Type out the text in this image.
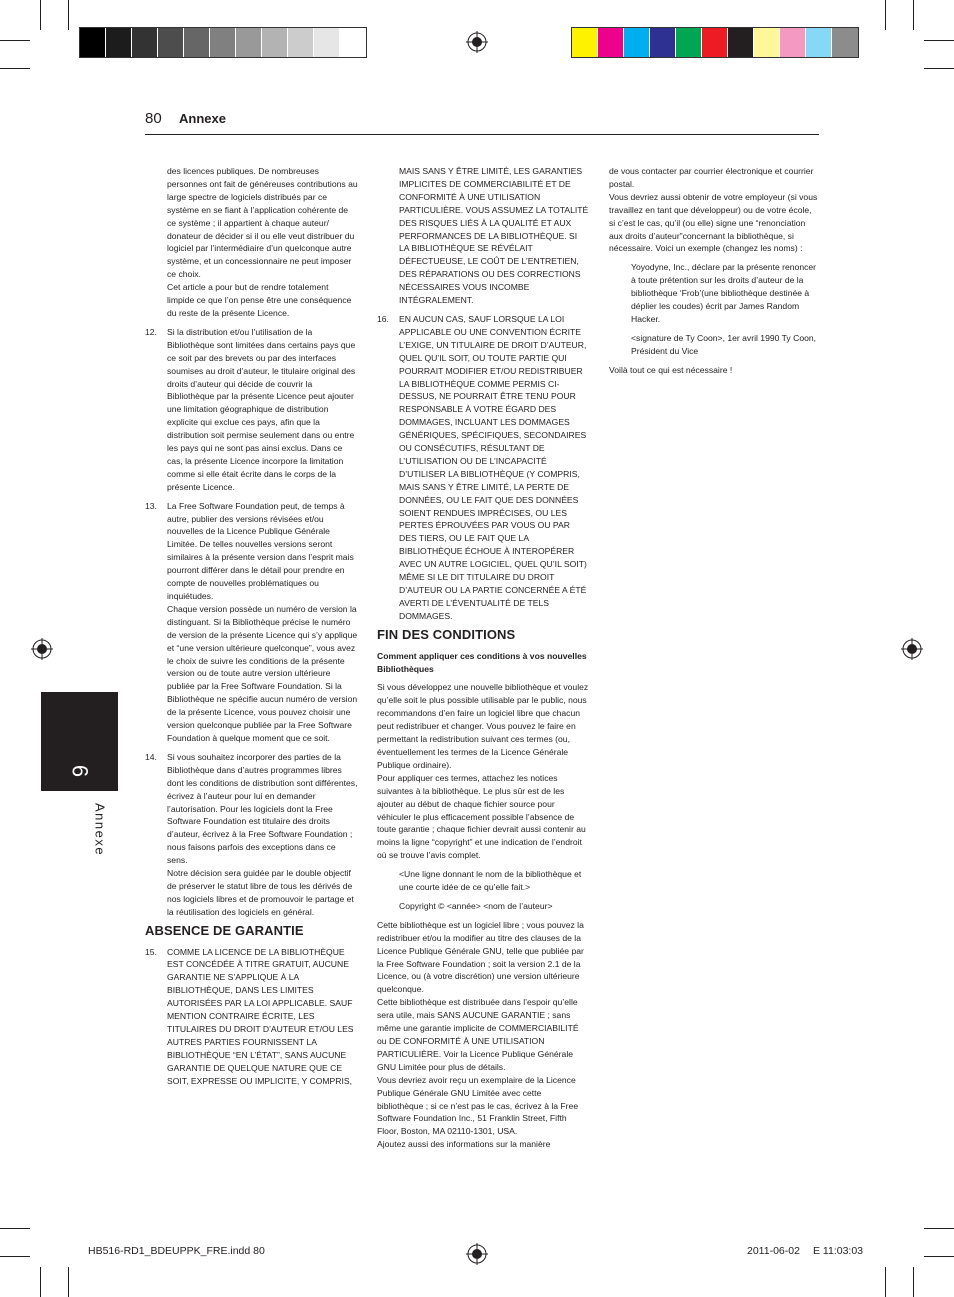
80 Annexe
6
Annexe

des licences publiques. De nombreuses personnes ont fait de généreuses contributions au large spectre de logiciels distribués par ce système en se fiant à l’application cohérente de ce système ; il appartient à chaque auteur/ donateur de décider si il ou elle veut distribuer du logiciel par l’intermédiaire d’un quelconque autre système, et un concessionnaire ne peut imposer ce choix.

Cet article a pour but de rendre totalement limpide ce que l’on pense être une conséquence du reste de la présente Licence.

12.	Si la distribution et/ou l’utilisation de la Bibliothèque sont limitées dans certains pays que ce soit par des brevets ou par des interfaces soumises au droit d’auteur, le titulaire original des droits d’auteur qui décide de couvrir la Bibliothèque par la présente Licence peut ajouter une limitation géographique de distribution explicite qui exclue ces pays, afin que la distribution soit permise seulement dans ou entre les pays qui ne sont pas ainsi exclus. Dans ce cas, la présente Licence incorpore la limitation comme si elle était écrite dans le corps de la présente Licence.
13.	La Free Software Foundation peut, de temps à autre, publier des versions révisées et/ou nouvelles de la Licence Publique Générale Limitée. De telles nouvelles versions seront similaires à la présente version dans l’esprit mais pourront différer dans le détail pour prendre en compte de nouvelles problématiques ou inquiétudes.
Chaque version possède un numéro de version la distinguant. Si la Bibliothèque précise le numéro de version de la présente Licence qui s’y applique et “une version ultérieure quelconque”, vous avez le choix de suivre les conditions de la présente version ou de toute autre version ultérieure publiée par la Free Software Foundation. Si la Bibliothèque ne spécifie aucun numéro de version de la présente Licence, vous pouvez choisir une version quelconque publiée par la Free Software Foundation à quelque moment que ce soit.
14.	Si vous souhaitez incorporer des parties de la Bibliothèque dans d’autres programmes libres dont les conditions de distribution sont différentes, écrivez à l’auteur pour lui en demander l’autorisation. Pour les logiciels dont la Free Software Foundation est titulaire des droits d’auteur, écrivez à la Free Software Foundation ; nous faisons parfois des exceptions dans ce sens.
Notre décision sera guidée par le double objectif de préserver le statut libre de tous les dérivés de nos logiciels libres et de promouvoir le partage et la réutilisation des logiciels en général.
ABSENCE DE GARANTIE
15.	COMME LA LICENCE DE LA BIBLIOTHÈQUE EST CONCÉDÉE À TITRE GRATUIT, AUCUNE GARANTIE NE S’APPLIQUE À LA BIBLIOTHÈQUE, DANS LES LIMITES AUTORISÉES PAR LA LOI APPLICABLE. SAUF MENTION CONTRAIRE ÉCRITE, LES TITULAIRES DU DROIT D’AUTEUR ET/OU LES AUTRES PARTIES FOURNISSENT LA BIBLIOTHÈQUE “EN L’ÉTAT”, SANS AUCUNE GARANTIE DE QUELQUE NATURE QUE CE SOIT, EXPRESSE OU IMPLICITE, Y COMPRIS,

MAIS SANS Y ÊTRE LIMITÉ, LES GARANTIES IMPLICITES DE COMMERCIABILITÉ ET DE CONFORMITÉ À UNE UTILISATION PARTICULIÈRE. VOUS ASSUMEZ LA TOTALITÉ DES RISQUES LIÉS À LA QUALITÉ ET AUX PERFORMANCES DE LA BIBLIOTHÈQUE. SI LA BIBLIOTHÈQUE SE RÉVÉLAIT DÉFECTUEUSE, LE COÛT DE L’ENTRETIEN, DES RÉPARATIONS OU DES CORRECTIONS NÉCESSAIRES VOUS INCOMBE INTÉGRALEMENT.

16.	EN AUCUN CAS, SAUF LORSQUE LA LOI APPLICABLE OU UNE CONVENTION ÉCRITE L’EXIGE, UN TITULAIRE DE DROIT D’AUTEUR, QUEL QU’IL SOIT, OU TOUTE PARTIE QUI POURRAIT MODIFIER ET/OU REDISTRIBUER LA BIBLIOTHÈQUE COMME PERMIS CI-DESSUS, NE POURRAIT ÊTRE TENU POUR RESPONSABLE À VOTRE ÉGARD DES DOMMAGES, INCLUANT LES DOMMAGES GÉNÉRIQUES, SPÉCIFIQUES, SECONDAIRES OU CONSÉCUTIFS, RÉSULTANT DE L’UTILISATION OU DE L’INCAPACITÉ D’UTILISER LA BIBLIOTHÈQUE (Y COMPRIS, MAIS SANS Y ÊTRE LIMITÉ, LA PERTE DE DONNÉES, OU LE FAIT QUE DES DONNÉES SOIENT RENDUES IMPRÉCISES, OU LES PERTES ÉPROUVÉES PAR VOUS OU PAR DES TIERS, OU LE FAIT QUE LA BIBLIOTHÈQUE ÉCHOUE À INTEROPÉRER AVEC UN AUTRE LOGICIEL, QUEL QU’IL SOIT) MÊME SI LE DIT TITULAIRE DU DROIT D’AUTEUR OU LA PARTIE CONCERNÉE A ÉTÉ AVERTI DE L’ÉVENTUALITÉ DE TELS DOMMAGES.
FIN DES CONDITIONS

Comment appliquer ces conditions à vos nouvelles Bibliothèques

Si vous développez une nouvelle bibliothèque et voulez qu’elle soit le plus possible utilisable par le public, nous recommandons d’en faire un logiciel libre que chacun peut redistribuer et changer. Vous pouvez le faire en permettant la redistribution suivant ces termes (ou, éventuellement les termes de la Licence Générale Publique ordinaire).

Pour appliquer ces termes, attachez les notices suivantes à la bibliothèque. Le plus sûr est de les ajouter au début de chaque fichier source pour véhiculer le plus efficacement possible l’absence de toute garantie ; chaque fichier devrait aussi contenir au moins la ligne “copyright” et une indication de l’endroit où se trouve l’avis complet.

<Une ligne donnant le nom de la bibliothèque et une courte idée de ce qu’elle fait.>

Copyright © <année> <nom de l’auteur>

Cette bibliothèque est un logiciel libre ; vous pouvez la redistribuer et/ou la modifier au titre des clauses de la Licence Publique Générale GNU, telle que publiée par la Free Software Foundation ; soit la version 2.1 de la Licence, ou (à votre discrétion) une version ultérieure quelconque.

Cette bibliothèque est distribuée dans l’espoir qu’elle sera utile, mais SANS AUCUNE GARANTIE ; sans même une garantie implicite de COMMERCIABILITÉ ou DE CONFORMITÉ À UNE UTILISATION PARTICULIÈRE. Voir la Licence Publique Générale GNU Limitée pour plus de détails.

Vous devriez avoir reçu un exemplaire de la Licence Publique Générale GNU Limitée avec cette bibliothèque ; si ce n’est pas le cas, écrivez à la Free Software Foundation Inc., 51 Franklin Street, Fifth Floor, Boston, MA 02110-1301, USA.

Ajoutez aussi des informations sur la manière

de vous contacter par courrier électronique et courrier postal.

Vous devriez aussi obtenir de votre employeur (si vous travaillez en tant que développeur) ou de votre école, si c’est le cas, qu’il (ou elle) signe une “renonciation aux droits d’auteur”concernant la bibliothèque, si nécessaire. Voici un exemple (changez les noms) :

Yoyodyne, Inc., déclare par la présente renoncer à toute prétention sur les droits d’auteur de la bibliothèque ‘Frob’(une bibliothèque destinée à déplier les coudes) écrit par James Random Hacker.

<signature de Ty Coon>, 1er avril 1990 Ty Coon, Président du Vice

Voilà tout ce qui est nécessaire !

HB516-RD1_BDEUPPK_FRE.indd 80	2011-06-02 Е 11:03:03
